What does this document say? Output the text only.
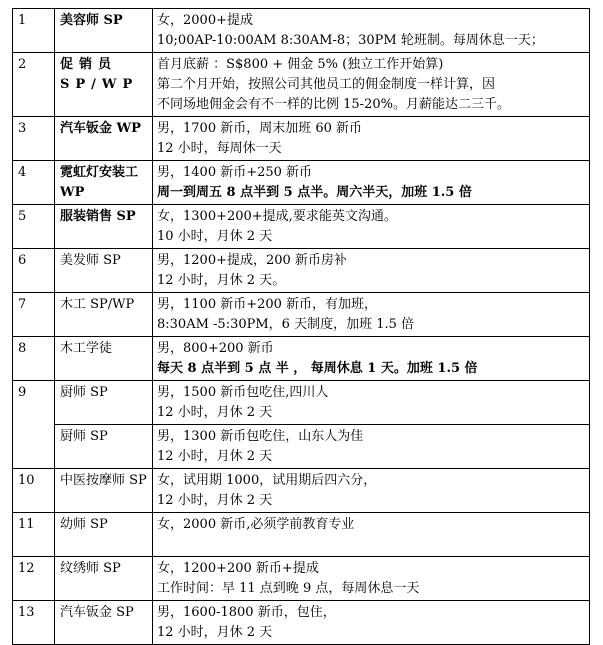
1	美容师 SP	女，2000+提成
10;00AP-10:00AM 8:30AM-8；30PM 轮班制。每周休息一天；

2	促销员 SP/WP	首月底薪 ：S$800 + 佣金 5% (独立工作开始算)
第二个月开始，按照公司其他员工的佣金制度一样计算，因
不同场地佣金会有不一样的比例 15-20%。月薪能达二三千。

3	汽车钣金 WP	男，1700 新币，周末加班 60 新币
12 小时，每周休一天

4	霓虹灯安装工 WP	男，1400 新币+250 新币
周一到周五 8 点半到 5 点半。周六半天，加班 1.5 倍

5	服装销售 SP	女，1300+200+提成,要求能英文沟通。
10 小时，月休 2 天

6	美发师 SP	男，1200+提成，200 新币房补
12 小时，月休 2 天。

7	木工 SP/WP	男，1100 新币+200 新币，有加班，
8:30AM -5:30PM，6 天制度，加班 1.5 倍

8	木工学徒	男，800+200 新币
每天 8 点半到 5 点 半 ， 每周休息 1 天。加班 1.5 倍

9	厨师 SP	男，1500 新币包吃住,四川人
12 小时，月休 2 天

	厨师 SP	男，1300 新币包吃住，山东人为佳
12 小时，月休 2 天

10	中医按摩师 SP	女，试用期 1000，试用期后四六分，
12 小时，月休 2 天

11	幼师 SP	女，2000 新币,必须学前教育专业

12	纹绣师 SP	女，1200+200 新币+提成
工作时间：早 11 点到晚 9 点，每周休息一天

13	汽车钣金 SP	男，1600-1800 新币，包住，
12 小时，月休 2 天
